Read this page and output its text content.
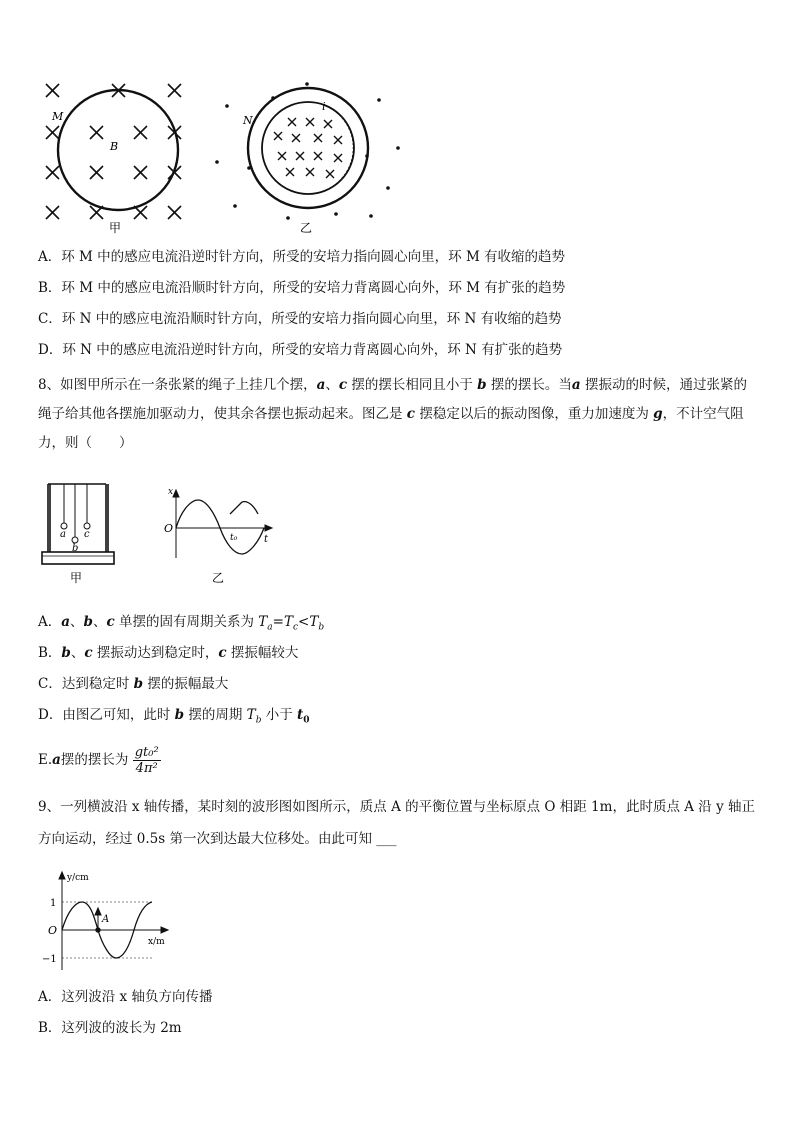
M
B
甲
N
i
乙
A．环 M 中的感应电流沿逆时针方向，所受的安培力指向圆心向里，环 M 有收缩的趋势
B．环 M 中的感应电流沿顺时针方向，所受的安培力背离圆心向外，环 M 有扩张的趋势
C．环 N 中的感应电流沿顺时针方向，所受的安培力指向圆心向里，环 N 有收缩的趋势
D．环 N 中的感应电流沿逆时针方向，所受的安培力背离圆心向外，环 N 有扩张的趋势
8、如图甲所示在一条张紧的绳子上挂几个摆，a、c 摆的摆长相同且小于 b 摆的摆长。当a 摆振动的时候，通过张紧的绳子给其他各摆施加驱动力，使其余各摆也振动起来。图乙是 c 摆稳定以后的振动图像，重力加速度为 g，不计空气阻力，则（　　）
a c
b
甲
x
O
t₀	t
乙
A．a、b、c 单摆的固有周期关系为 $T_a=T_c<T_b$
B．b、c 摆振动达到稳定时，c 摆振幅较大
C．达到稳定时 b 摆的振幅最大
D．由图乙可知，此时 b 摆的周期 $T_b$ 小于 $t_0$
E.a摆的摆长为 $\frac{\text{gt₀²}}{\text{4π²}}$
9、一列横波沿 x 轴传播，某时刻的波形图如图所示，质点 A 的平衡位置与坐标原点 O 相距 1m，此时质点 A 沿 y 轴正
方向运动，经过 0.5s 第一次到达最大位移处。由此可知 ___
y/cm
1
O
−1
A
x/m
A．这列波沿 x 轴负方向传播
B．这列波的波长为 2m
